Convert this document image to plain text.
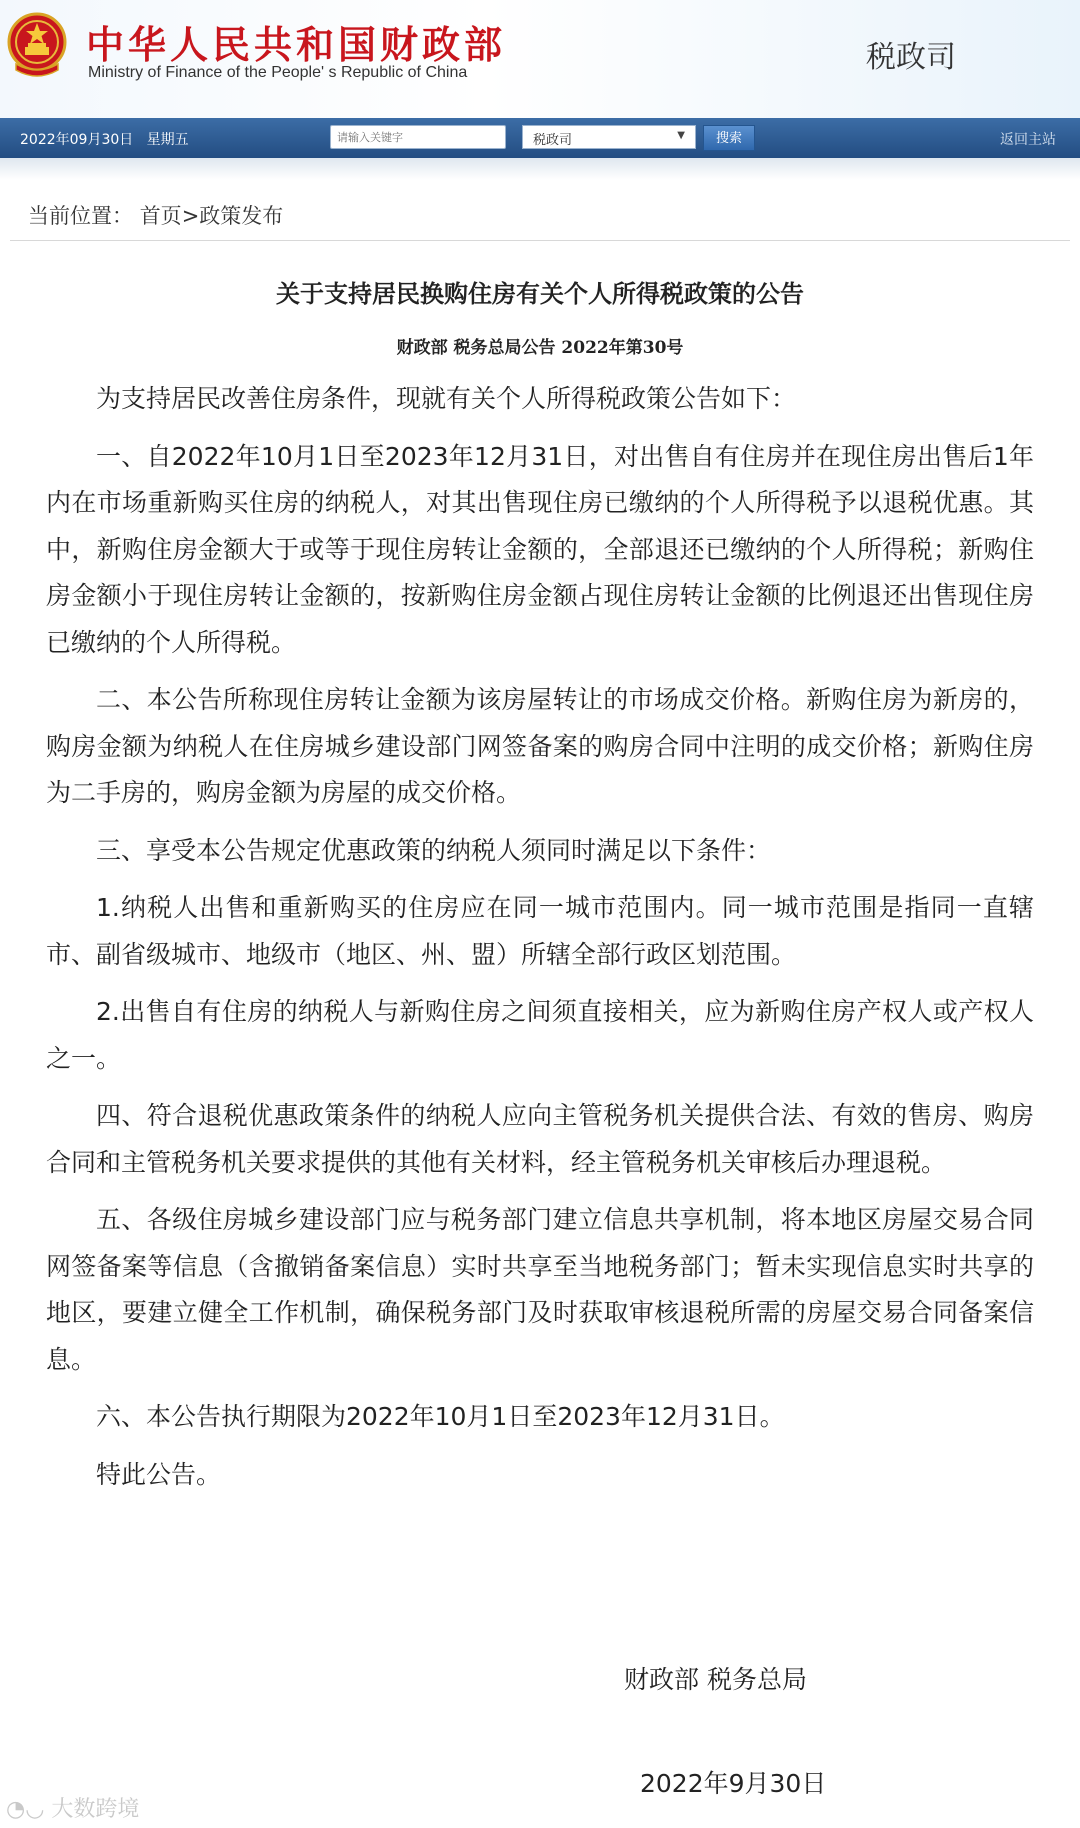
中华人民共和国财政部
Ministry of Finance of the People' s Republic of China	税政司
2022年09月30日 星期五
请输入关键字	税政司	▼	搜索	返回主站
当前位置： 首页>政策发布
关于支持居民换购住房有关个人所得税政策的公告
财政部 税务总局公告 2022年第30号

为支持居民改善住房条件，现就有关个人所得税政策公告如下：

一、自2022年10月1日至2023年12月31日，对出售自有住房并在现住房出售后1年内在市场重新购买住房的纳税人，对其出售现住房已缴纳的个人所得税予以退税优惠。其中，新购住房金额大于或等于现住房转让金额的，全部退还已缴纳的个人所得税；新购住房金额小于现住房转让金额的，按新购住房金额占现住房转让金额的比例退还出售现住房已缴纳的个人所得税。

二、本公告所称现住房转让金额为该房屋转让的市场成交价格。新购住房为新房的，购房金额为纳税人在住房城乡建设部门网签备案的购房合同中注明的成交价格；新购住房为二手房的，购房金额为房屋的成交价格。

三、享受本公告规定优惠政策的纳税人须同时满足以下条件：

1.纳税人出售和重新购买的住房应在同一城市范围内。同一城市范围是指同一直辖市、副省级城市、地级市（地区、州、盟）所辖全部行政区划范围。

2.出售自有住房的纳税人与新购住房之间须直接相关，应为新购住房产权人或产权人之一。

四、符合退税优惠政策条件的纳税人应向主管税务机关提供合法、有效的售房、购房合同和主管税务机关要求提供的其他有关材料，经主管税务机关审核后办理退税。

五、各级住房城乡建设部门应与税务部门建立信息共享机制，将本地区房屋交易合同网签备案等信息（含撤销备案信息）实时共享至当地税务部门；暂未实现信息实时共享的地区，要建立健全工作机制，确保税务部门及时获取审核退税所需的房屋交易合同备案信息。

六、本公告执行期限为2022年10月1日至2023年12月31日。

特此公告。

财政部 税务总局
2022年9月30日
◔◡ 大数跨境
